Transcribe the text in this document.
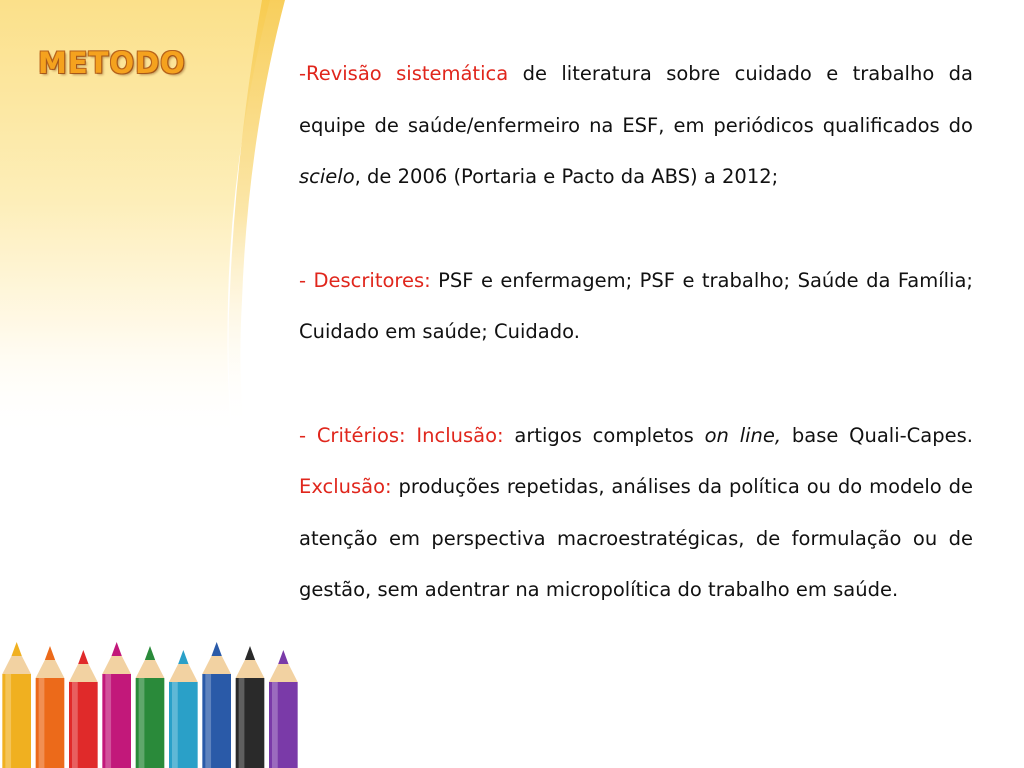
METODO	-Revisão sistemática de literatura sobre cuidado e trabalho da equipe de saúde/enfermeiro na ESF, em periódicos qualificados do scielo, de 2006 (Portaria e Pacto da ABS) a 2012;

- Descritores: PSF e enfermagem; PSF e trabalho; Saúde da Família; Cuidado em saúde; Cuidado.

- Critérios: Inclusão: artigos completos on line, base Quali-Capes. Exclusão: produções repetidas, análises da política ou do modelo de atenção em perspectiva macroestratégicas, de formulação ou de gestão, sem adentrar na micropolítica do trabalho em saúde.
